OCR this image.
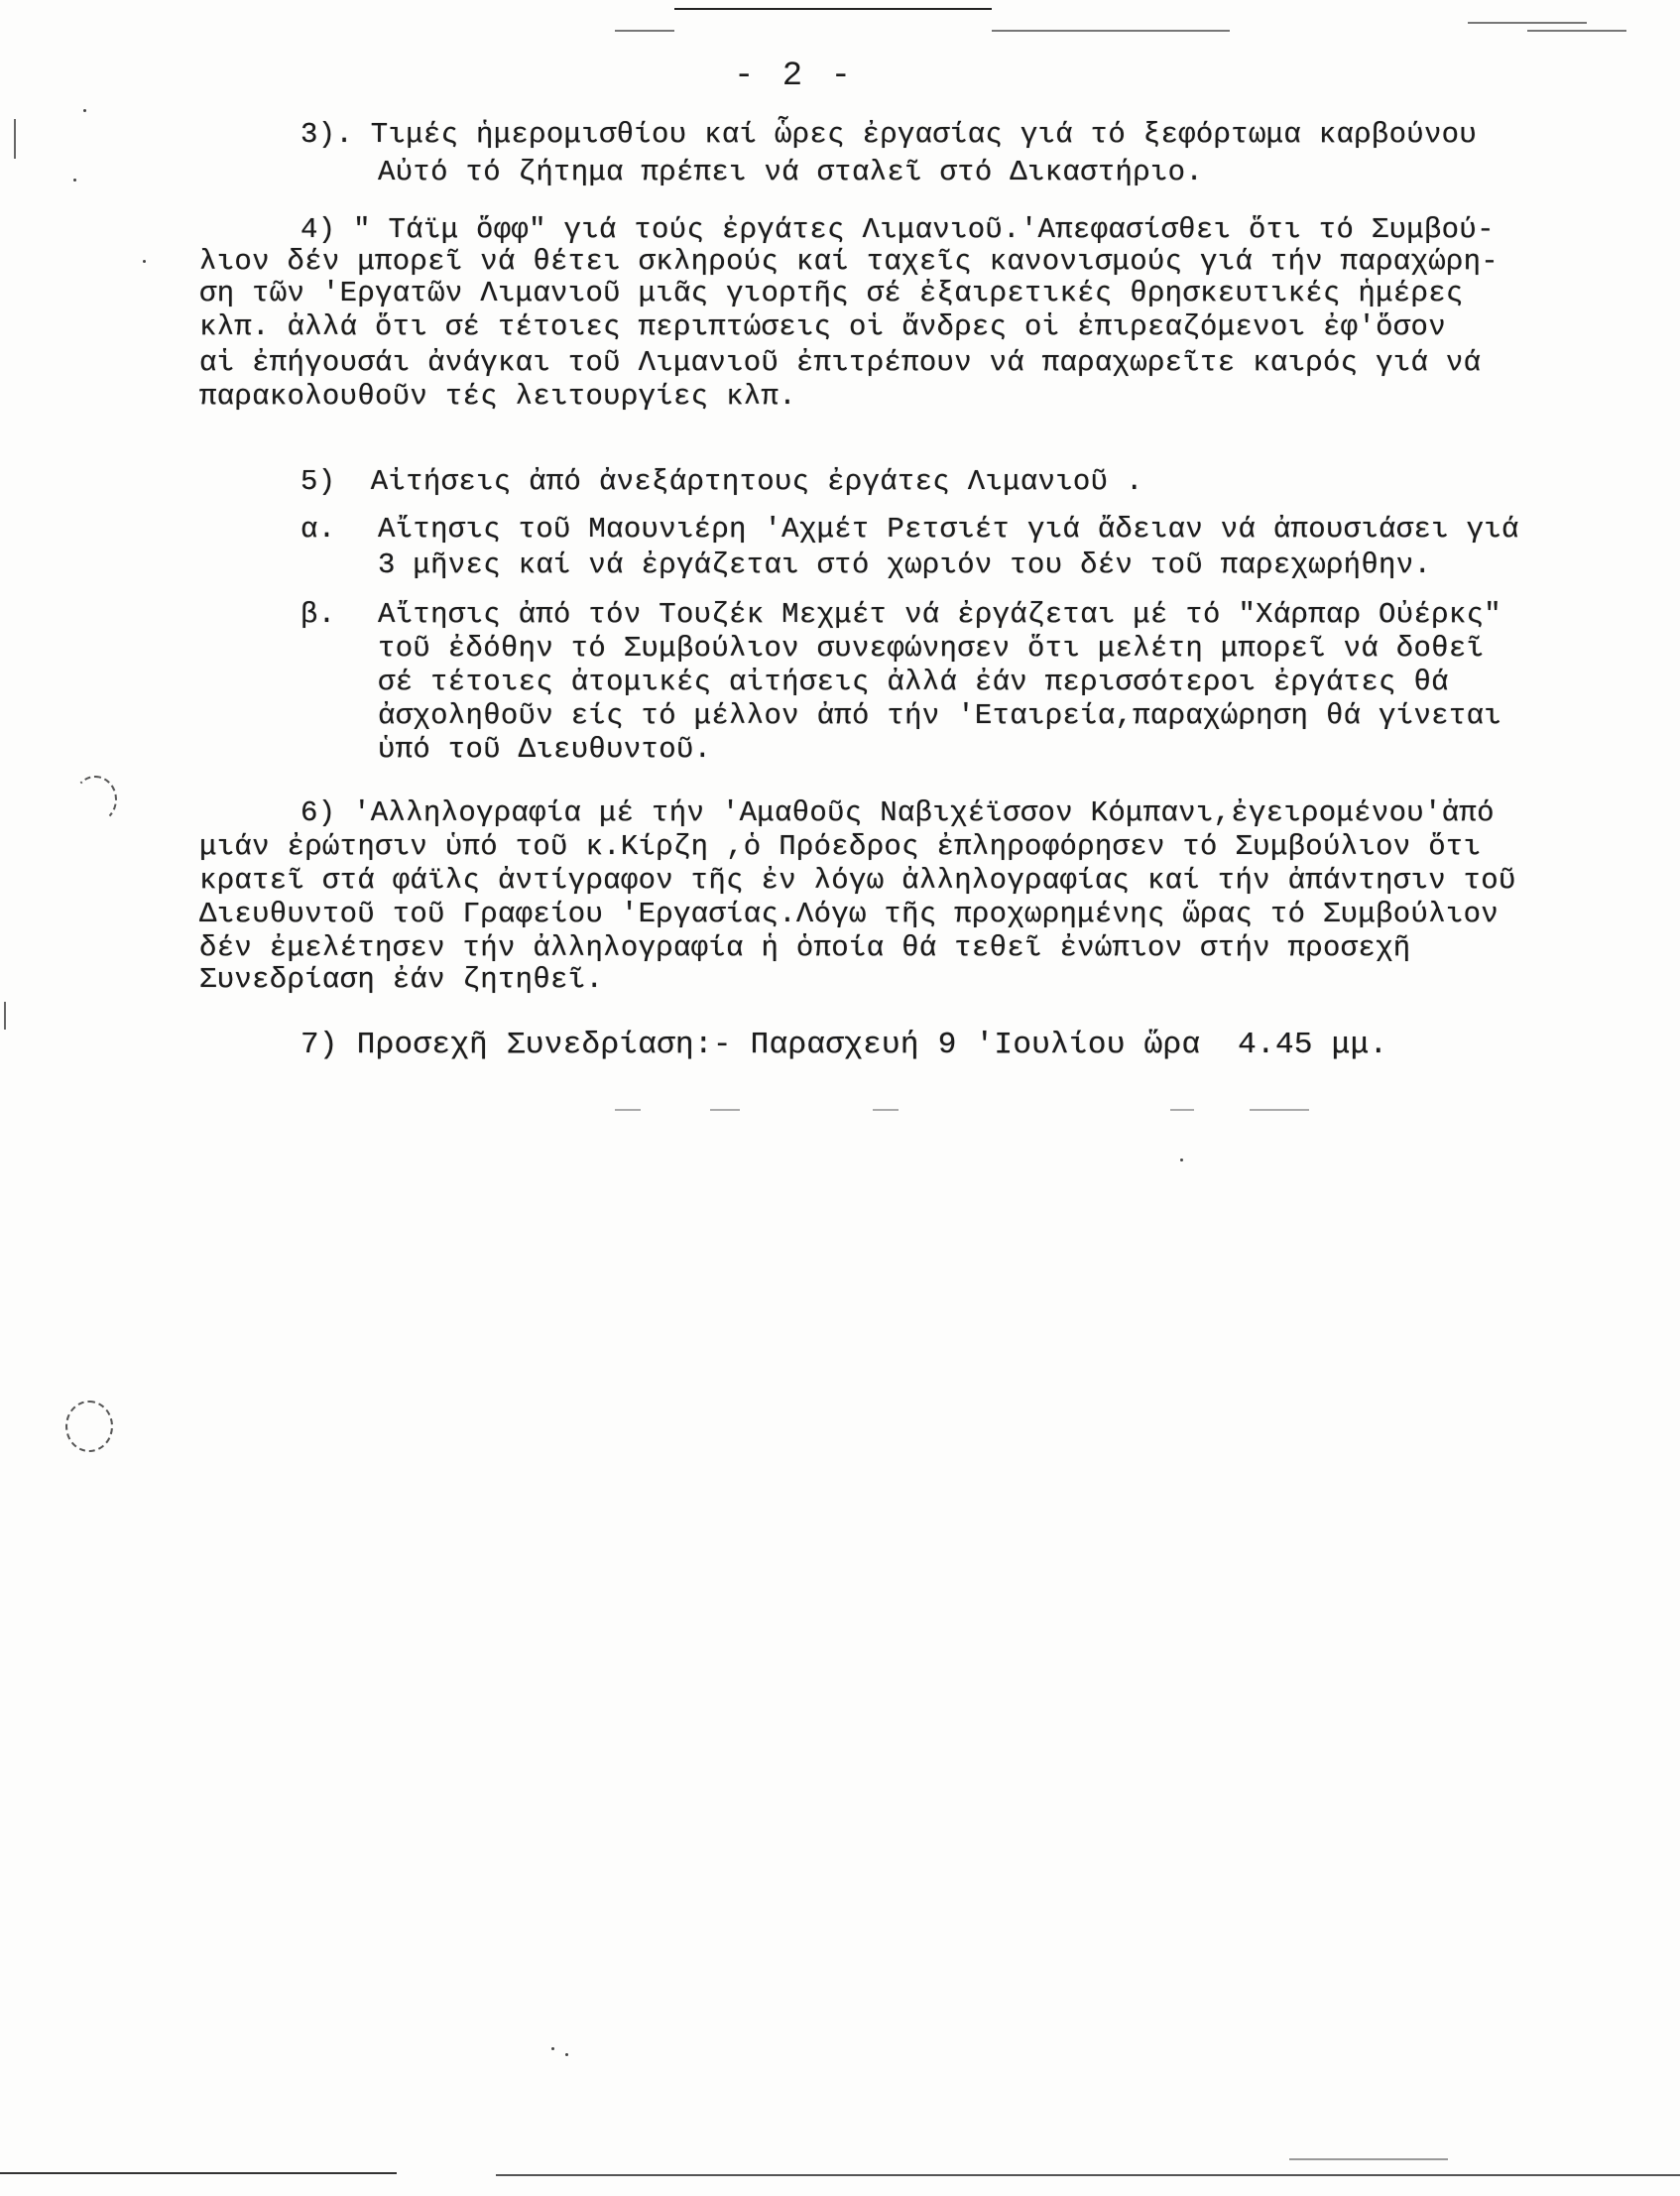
- 2 -
3). Τιμές ἡμερομισθίου καί ὧρες ἐργασίας γιά τό ξεφόρτωμα καρβούνου
Αὐτό τό ζήτημα πρέπει νά σταλεῖ στό Δικαστήριο.
4) " Τάϊμ ὅφφ" γιά τούς ἐργάτες Λιμανιοῦ.'Απεφασίσθει ὅτι τό Συμβού-
λιον δέν μπορεῖ νά θέτει σκληρούς καί ταχεῖς κανονισμούς γιά τήν παραχώρη-
ση τῶν 'Εργατῶν Λιμανιοῦ μιᾶς γιορτῆς σέ ἐξαιρετικές θρησκευτικές ἡμέρες
κλπ. ἀλλά ὅτι σέ τέτοιες περιπτώσεις οἱ ἄνδρες οἱ ἐπιρεαζόμενοι ἐφ'ὅσον
αἱ ἐπήγουσάι ἀνάγκαι τοῦ Λιμανιοῦ ἐπιτρέπουν νά παραχωρεῖτε καιρός γιά νά
παρακολουθοῦν τές λειτουργίες κλπ.
5)  Αἰτήσεις ἀπό ἀνεξάρτητους ἐργάτες Λιμανιοῦ .
α. Αἴτησις τοῦ Μαουνιέρη 'Αχμέτ Ρετσιέτ γιά ἄδειαν νά ἀπουσιάσει γιά
3 μῆνες καί νά ἐργάζεται στό χωριόν του δέν τοῦ παρεχωρήθην.
β. Αἴτησις ἀπό τόν Τουζέκ Μεχμέτ νά ἐργάζεται μέ τό "Χάρπαρ Οὐέρκς"
τοῦ ἐδόθην τό Συμβούλιον συνεφώνησεν ὅτι μελέτη μπορεῖ νά δοθεῖ
σέ τέτοιες ἀτομικές αἰτήσεις ἀλλά ἐάν περισσότεροι ἐργάτες θά
ἀσχοληθοῦν είς τό μέλλον ἀπό τήν 'Εταιρεία,παραχώρηση θά γίνεται
ὑπό τοῦ Διευθυντοῦ.
6) 'Αλληλογραφία μέ τήν 'Αμαθοῦς Ναβιχέϊσσον Κόμπανι,ἐγειρομένου'ἀπό
μιάν ἐρώτησιν ὑπό τοῦ κ.Κίρζη ,ὁ Πρόεδρος ἐπληροφόρησεν τό Συμβούλιον ὅτι
κρατεῖ στά φάϊλς ἀντίγραφον τῆς ἐν λόγω ἀλληλογραφίας καί τήν ἀπάντησιν τοῦ
Διευθυντοῦ τοῦ Γραφείου 'Εργασίας.Λόγω τῆς προχωρημένης ὥρας τό Συμβούλιον
δέν ἐμελέτησεν τήν ἀλληλογραφία ἡ ὁποία θά τεθεῖ ἐνώπιον στήν προσεχῆ
Συνεδρίαση ἐάν ζητηθεῖ.
7) Προσεχῆ Συνεδρίαση:- Παρασχευή 9 'Ιουλίου ὥρα  4.45 μμ.
